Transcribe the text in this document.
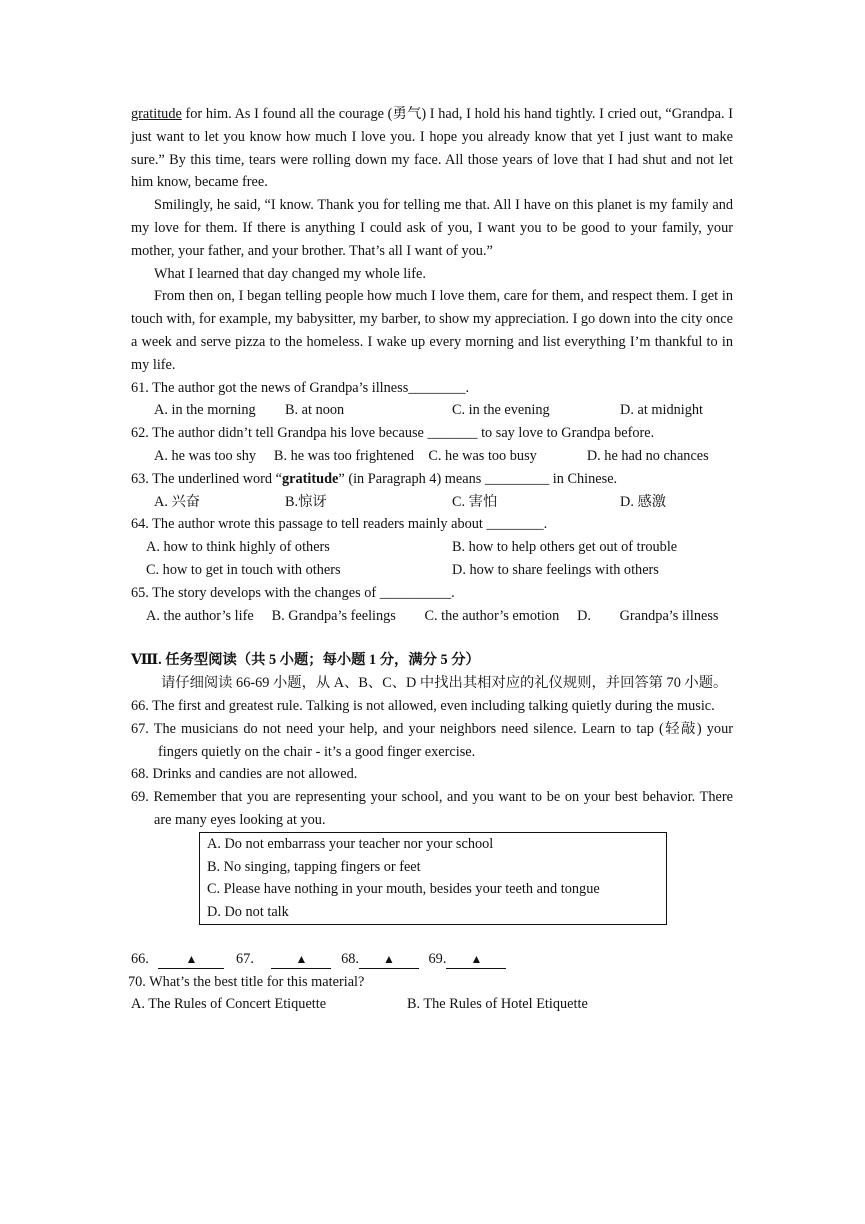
gratitude for him. As I found all the courage (勇气) I had, I hold his hand tightly. I cried out, “Grandpa. I just want to let you know how much I love you. I hope you already know that yet I just want to make sure.” By this time, tears were rolling down my face. All those years of love that I had shut and not let him know, became free.

Smilingly, he said, “I know. Thank you for telling me that. All I have on this planet is my family and my love for them. If there is anything I could ask of you, I want you to be good to your family, your mother, your father, and your brother. That’s all I want of you.”

What I learned that day changed my whole life.

From then on, I began telling people how much I love them, care for them, and respect them. I get in touch with, for example, my babysitter, my barber, to show my appreciation. I go down into the city once a week and serve pizza to the homeless. I wake up every morning and list everything I’m thankful to in my life.

61. The author got the news of Grandpa’s illness________.

A. in the morning	B. at noon	C. in the evening	D. at midnight

62. The author didn’t tell Grandpa his love because _______ to say love to Grandpa before.

A. he was too shy     B. he was too frightened    C. he was too busy              D. he had no chances

63. The underlined word “gratitude” (in Paragraph 4) means _________ in Chinese.

A. 兴奋	B.惊讶	C. 害怕	D. 感激

64. The author wrote this passage to tell readers mainly about ________.

A. how to think highly of others	B. how to help others get out of trouble
C. how to get in touch with others	D. how to share feelings with others

65. The story develops with the changes of __________.

A. the author’s life     B. Grandpa’s feelings        C. the author’s emotion     D.        Grandpa’s illness

Ⅷ. 任务型阅读（共 5 小题；每小题 1 分，满分 5 分）

请仔细阅读 66-69 小题，从 A、B、C、D 中找出其相对应的礼仪规则，并回答第 70 小题。

66. The first and greatest rule. Talking is not allowed, even including talking quietly during the music.

67. The musicians do not need your help, and your neighbors need silence. Learn to tap (轻敲) your fingers quietly on the chair - it’s a good finger exercise.

68. Drinks and candies are not allowed.

69. Remember that you are representing your school, and you want to be on your best behavior. There are many eyes looking at you.

A. Do not embarrass your teacher nor your school

B. No singing, tapping fingers or feet

C. Please have nothing in your mouth, besides your teeth and tongue

D. Do not talk

66.	▲	67.	▲ 68. ▲ 69. ▲

70. What’s the best title for this material?

A. The Rules of Concert Etiquette	B. The Rules of Hotel Etiquette
